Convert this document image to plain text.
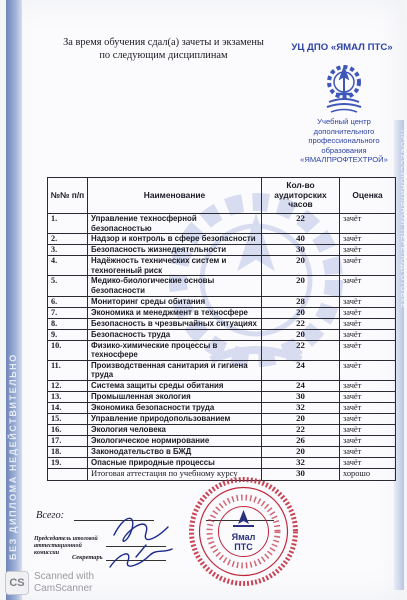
БЕЗ ДИПЛОМА НЕДЕЙСТВИТЕЛЬНО
ПРОФЕССИОНАЛЬНОЙ ПЕРЕПОДГОТОВКЕ
За время обучения сдал(а) зачеты и экзамены
по следующим дисциплинам
УЦ ДПО «ЯМАЛ ПТС»
Учебный центр
дополнительного
профессионального
образования
«ЯМАЛПРОФТЕХТРОЙ»
№№ п/п	Наименование	Кол-во аудиторских часов	Оценка
1.	Управление техносферной безопасностью	22	зачёт
2.	Надзор и контроль в сфере безопасности	40	зачёт
3.	Безопасность жизнедеятельности	30	зачёт
4.	Надёжность технических систем и техногенный риск	20	зачёт
5.	Медико-биологические основы безопасности	20	зачёт
6.	Мониторинг среды обитания	28	зачёт
7.	Экономика и менеджмент в техносфере	20	зачёт
8.	Безопасность в чрезвычайных ситуациях	22	зачёт
9.	Безопасность труда	20	зачёт
10.	Физико-химические процессы в техносфере	22	зачёт
11.	Производственная санитария и гигиена труда	24	зачёт
12.	Система защиты среды обитания	24	зачёт
13.	Промышленная экология	30	зачёт
14.	Экономика безопасности труда	32	зачёт
15.	Управление природопользованием	20	зачёт
16.	Экология человека	22	зачёт
17.	Экологическое нормирование	26	зачёт
18.	Законодательство в БЖД	20	зачёт
19.	Опасные природные процессы	32	зачёт
	Итоговая аттестация по учебному курсу	30	хорошо
Всего:
Председатель итоговой
аттестационной комиссии
Секретарь
Ямал
ПТС
CS
Scanned with
CamScanner
